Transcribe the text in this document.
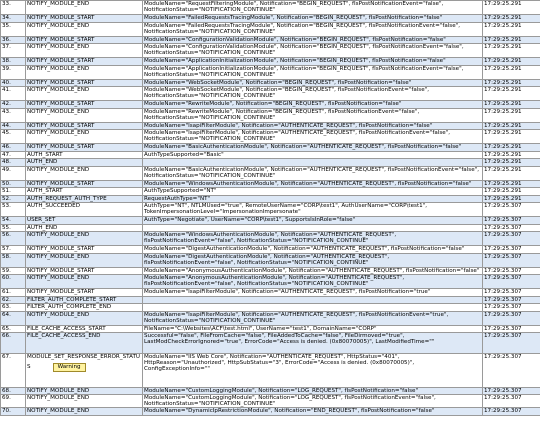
33.	NOTIFY_MODULE_END	ModuleName="RequestFilteringModule", Notification="BEGIN_REQUEST", fIsPostNotificationEvent="false", NotificationStatus="NOTIFICATION_CONTINUE"	17:29:25.291
34.	NOTIFY_MODULE_START	ModuleName="FailedRequestsTracingModule", Notification="BEGIN_REQUEST", fIsPostNotification="false"	17:29:25.291
35.	NOTIFY_MODULE_END	ModuleName="FailedRequestsTracingModule", Notification="BEGIN_REQUEST", fIsPostNotificationEvent="false", NotificationStatus="NOTIFICATION_CONTINUE"	17:29:25.291
36.	NOTIFY_MODULE_START	ModuleName="ConfigurationValidationModule", Notification="BEGIN_REQUEST", fIsPostNotification="false"	17:29:25.291
37.	NOTIFY_MODULE_END	ModuleName="ConfigurationValidationModule", Notification="BEGIN_REQUEST", fIsPostNotificationEvent="false", NotificationStatus="NOTIFICATION_CONTINUE"	17:29:25.291
38.	NOTIFY_MODULE_START	ModuleName="ApplicationInitializationModule", Notification="BEGIN_REQUEST", fIsPostNotification="false"	17:29:25.291
39.	NOTIFY_MODULE_END	ModuleName="ApplicationInitializationModule", Notification="BEGIN_REQUEST", fIsPostNotificationEvent="false", NotificationStatus="NOTIFICATION_CONTINUE"	17:29:25.291
40.	NOTIFY_MODULE_START	ModuleName="WebSocketModule", Notification="BEGIN_REQUEST", fIsPostNotification="false"	17:29:25.291
41.	NOTIFY_MODULE_END	ModuleName="WebSocketModule", Notification="BEGIN_REQUEST", fIsPostNotificationEvent="false", NotificationStatus="NOTIFICATION_CONTINUE"	17:29:25.291
42.	NOTIFY_MODULE_START	ModuleName="RewriteModule", Notification="BEGIN_REQUEST", fIsPostNotification="false"	17:29:25.291
43.	NOTIFY_MODULE_END	ModuleName="RewriteModule", Notification="BEGIN_REQUEST", fIsPostNotificationEvent="false", NotificationStatus="NOTIFICATION_CONTINUE"	17:29:25.291
44.	NOTIFY_MODULE_START	ModuleName="IsapiFilterModule", Notification="AUTHENTICATE_REQUEST", fIsPostNotification="false"	17:29:25.291
45.	NOTIFY_MODULE_END	ModuleName="IsapiFilterModule", Notification="AUTHENTICATE_REQUEST", fIsPostNotificationEvent="false", NotificationStatus="NOTIFICATION_CONTINUE"	17:29:25.291
46.	NOTIFY_MODULE_START	ModuleName="BasicAuthenticationModule", Notification="AUTHENTICATE_REQUEST", fIsPostNotification="false"	17:29:25.291
47.	AUTH_START	AuthTypeSupported="Basic"	17:29:25.291
48.	AUTH_END		17:29:25.291
49.	NOTIFY_MODULE_END	ModuleName="BasicAuthenticationModule", Notification="AUTHENTICATE_REQUEST", fIsPostNotificationEvent="false", NotificationStatus="NOTIFICATION_CONTINUE"	17:29:25.291
50.	NOTIFY_MODULE_START	ModuleName="WindowsAuthenticationModule", Notification="AUTHENTICATE_REQUEST", fIsPostNotification="false"	17:29:25.291
51.	AUTH_START	AuthTypeSupported="NT"	17:29:25.291
52.	AUTH_REQUEST_AUTH_TYPE	RequestAuthType="NT"	17:29:25.291
53.	AUTH_SUCCEEDED	AuthType="NT", NTLMUsed="true", RemoteUserName="CORP\test1", AuthUserName="CORP\test1", TokenImpersonationLevel="ImpersonationImpersonate"	17:29:25.307
54.	USER_SET	AuthType="Negotiate", UserName="CORP\test1", SupportsIsInRole="false"	17:29:25.307
55.	AUTH_END		17:29:25.307
56.	NOTIFY_MODULE_END	ModuleName="WindowsAuthenticationModule", Notification="AUTHENTICATE_REQUEST", fIsPostNotificationEvent="false", NotificationStatus="NOTIFICATION_CONTINUE"	17:29:25.307
57.	NOTIFY_MODULE_START	ModuleName="DigestAuthenticationModule", Notification="AUTHENTICATE_REQUEST", fIsPostNotification="false"	17:29:25.307
58.	NOTIFY_MODULE_END	ModuleName="DigestAuthenticationModule", Notification="AUTHENTICATE_REQUEST", fIsPostNotificationEvent="false", NotificationStatus="NOTIFICATION_CONTINUE"	17:29:25.307
59.	NOTIFY_MODULE_START	ModuleName="AnonymousAuthenticationModule", Notification="AUTHENTICATE_REQUEST", fIsPostNotification="false"	17:29:25.307
60.	NOTIFY_MODULE_END	ModuleName="AnonymousAuthenticationModule", Notification="AUTHENTICATE_REQUEST", fIsPostNotificationEvent="false", NotificationStatus="NOTIFICATION_CONTINUE"	17:29:25.307
61.	NOTIFY_MODULE_START	ModuleName="IsapiFilterModule", Notification="AUTHENTICATE_REQUEST", fIsPostNotification="true"	17:29:25.307
62.	FILTER_AUTH_COMPLETE_START		17:29:25.307
63.	FILTER_AUTH_COMPLETE_END		17:29:25.307
64.	NOTIFY_MODULE_END	ModuleName="IsapiFilterModule", Notification="AUTHENTICATE_REQUEST", fIsPostNotificationEvent="true", NotificationStatus="NOTIFICATION_CONTINUE"	17:29:25.307
65.	FILE_CACHE_ACCESS_START	FileName="C:\Websites\ACF\test.html", UserName="test1", DomainName="CORP"	17:29:25.307
66.	FILE_CACHE_ACCESS_END	Successful="false", FileFromCache="false", FileAddedToCache="false", FileDirmoved="true", LastModCheckErrorIgnored="true", ErrorCode="Access is denied. (0x80070005)", LastModifiedTime=""	17:29:25.307
67.	MODULE_SET_RESPONSE_ERROR_STATUS Warning	ModuleName="IIS Web Core", Notification="AUTHENTICATE_REQUEST", HttpStatus="401", HttpReason="Unauthorized", HttpSubStatus="3", ErrorCode="Access is denied. (0x80070005)", ConfigExceptionInfo=""	17:29:25.307
68.	NOTIFY_MODULE_END	ModuleName="CustomLoggingModule", Notification="LOG_REQUEST", fIsPostNotification="false"	17:29:25.307
69.	NOTIFY_MODULE_END	ModuleName="CustomLoggingModule", Notification="LOG_REQUEST", fIsPostNotificationEvent="false", NotificationStatus="NOTIFICATION_CONTINUE"	17:29:25.307
70.	NOTIFY_MODULE_END	ModuleName="DynamicIpRestrictionModule", Notification="END_REQUEST", fIsPostNotification="false"	17:29:25.307
